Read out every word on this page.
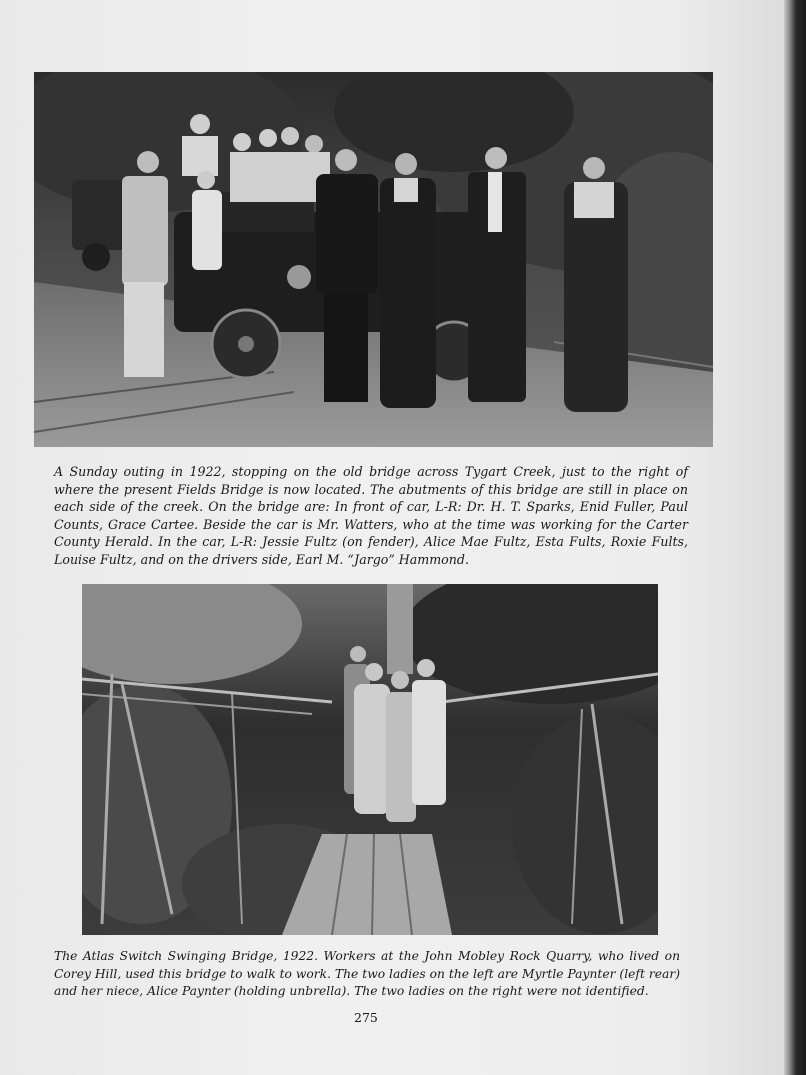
A Sunday outing in 1922, stopping on the old bridge across Tygart Creek, just to the right of where the present Fields Bridge is now located. The abutments of this bridge are still in place on each side of the creek. On the bridge are: In front of car, L-R: Dr. H. T. Sparks, Enid Fuller, Paul Counts, Grace Cartee. Beside the car is Mr. Watters, who at the time was working for the Carter County Herald. In the car, L-R: Jessie Fultz (on fender), Alice Mae Fultz, Esta Fults, Roxie Fults, Louise Fultz, and on the drivers side, Earl M. “Jargo” Hammond.

The Atlas Switch Swinging Bridge, 1922. Workers at the John Mobley Rock Quarry, who lived on Corey Hill, used this bridge to walk to work. The two ladies on the left are Myrtle Paynter (left rear) and her niece, Alice Paynter (holding unbrella). The two ladies on the right were not identified.

275
